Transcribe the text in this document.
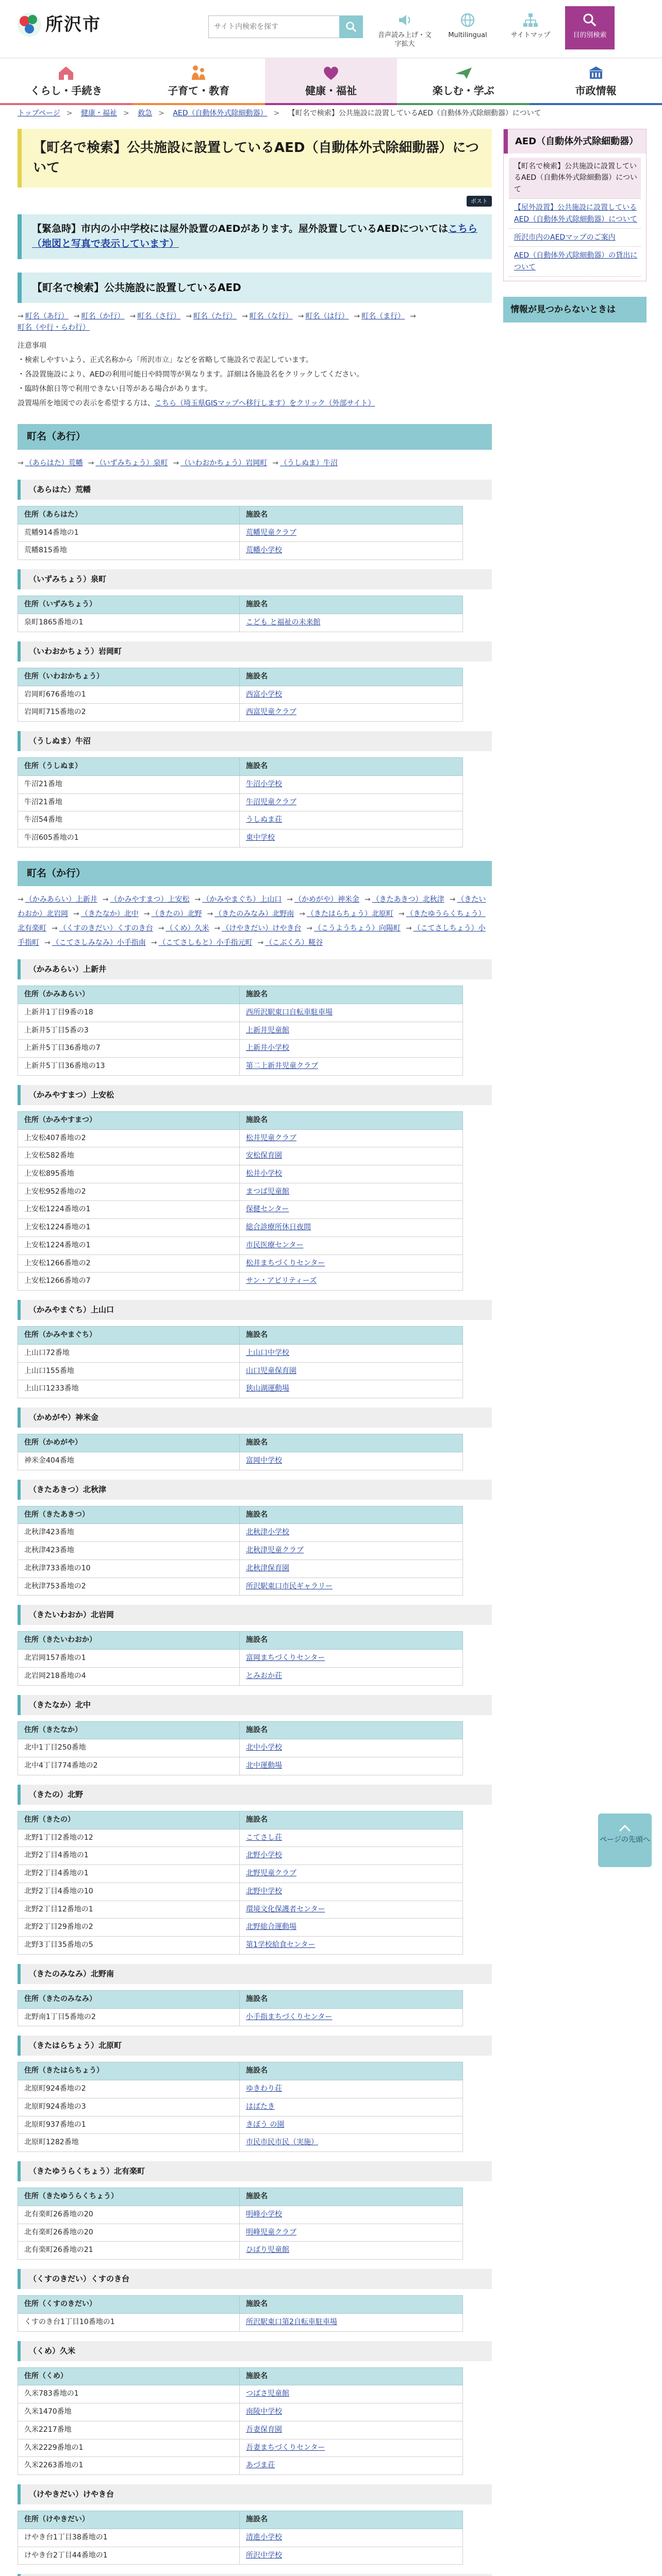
所沢市
サイト内検索を探す
音声読み上げ・文字拡大
Multilingual	サイトマップ	目的別検索
くらし・手続き	子育て・教育	健康・福祉	楽しむ・学ぶ	市政情報
トップページ > 健康・福祉 > 救急 > AED（自動体外式除細動器） > 【町名で検索】公共施設に設置しているAED（自動体外式除細動器）について
【町名で検索】公共施設に設置しているAED（自動体外式除細動器）について
ポスト
【緊急時】市内の小中学校には屋外設置のAEDがあります。屋外設置しているAEDについてはこちら（地図と写真で表示しています）
【町名で検索】公共施設に設置しているAED
→ 町名（あ行） → 町名（か行） → 町名（さ行） → 町名（た行） → 町名（な行） → 町名（は行） → 町名（ま行） →町名（や行・らわ行）
注意事項
・検索しやすいよう、正式名称から「所沢市立」などを省略して施設名で表記しています。
・各設置施設により、AEDの利用可能日や時間等が異なります。詳細は各施設名をクリックしてください。
・臨時休館日等で利用できない日等がある場合があります。
設置場所を地図での表示を希望する方は、こちら（埼玉県GISマップへ移行します）をクリック（外部サイト）
町名（あ行）
→ （あらはた）荒幡 → （いずみちょう）泉町 → （いわおかちょう）岩岡町 → （うしぬま）牛沼
（あらはた）荒幡
住所（あらはた）	施設名
荒幡914番地の1	荒幡児童クラブ
荒幡815番地	荒幡小学校
（いずみちょう）泉町
住所（いずみちょう）	施設名
泉町1865番地の1	こども と福祉の未来館
（いわおかちょう）岩岡町
住所（いわおかちょう）	施設名
岩岡町676番地の1	西富小学校
岩岡町715番地の2	西富児童クラブ
（うしぬま）牛沼
住所（うしぬま）	施設名
牛沼21番地	牛沼小学校
牛沼21番地	牛沼児童クラブ
牛沼54番地	うしぬま荘
牛沼605番地の1	東中学校
町名（か行）
→ （かみあらい）上新井 → （かみやすまつ）上安松 → （かみやまぐち）上山口 → （かめがや）神米金 → （きたあきつ）北秋津 → （きたいわおか）北岩岡 → （きたなか）北中 → （きたの）北野 → （きたのみなみ）北野南 → （きたはらちょう）北原町 → （きたゆうらくちょう）北有楽町 → （くすのきだい）くすのき台 → （くめ）久米 → （けやきだい）けやき台 → （こうようちょう）向陽町 → （こてさしちょう）小手指町 → （こてさしみなみ）小手指南 → （こてさしもと）小手指元町 → （こぶくろ）糀谷
（かみあらい）上新井
住所（かみあらい）	施設名
上新井1丁目9番の18	西所沢駅東口自転車駐車場
上新井5丁目5番の3	上新井児童館
上新井5丁目36番地の7	上新井小学校
上新井5丁目36番地の13	第二上新井児童クラブ
（かみやすまつ）上安松
住所（かみやすまつ）	施設名
上安松407番地の2	松井児童クラブ
上安松582番地	安松保育園
上安松895番地	松井小学校
上安松952番地の2	まつば児童館
上安松1224番地の1	保健センター
上安松1224番地の1	総合診療所休日夜間
上安松1224番地の1	市民医療センター
上安松1266番地の2	松井まちづくりセンター
上安松1266番地の7	サン・アビリティーズ
（かみやまぐち）上山口
住所（かみやまぐち）	施設名
上山口72番地	上山口中学校
上山口155番地	山口児童保育園
上山口1233番地	狭山湖運動場
（かめがや）神米金
住所（かめがや）	施設名
神米金404番地	富岡中学校
（きたあきつ）北秋津
住所（きたあきつ）	施設名
北秋津423番地	北秋津小学校
北秋津423番地	北秋津児童クラブ
北秋津733番地の10	北秋津保育園
北秋津753番地の2	所沢駅東口市民ギャラリー
（きたいわおか）北岩岡
住所（きたいわおか）	施設名
北岩岡157番地の1	富岡まちづくりセンター
北岩岡218番地の4	とみおか荘
（きたなか）北中
住所（きたなか）	施設名
北中1丁目250番地	北中小学校
北中4丁目774番地の2	北中運動場
（きたの）北野
住所（きたの）	施設名
北野1丁目2番地の12	こてさし荘
北野2丁目4番地の1	北野小学校
北野2丁目4番地の1	北野児童クラブ
北野2丁目4番地の10	北野中学校
北野2丁目12番地の1	環境文化保護者センター
北野2丁目29番地の2	北野総合運動場
北野3丁目35番地の5	第1学校給食センター
（きたのみなみ）北野南
住所（きたのみなみ）	施設名
北野南1丁目5番地の2	小手指まちづくりセンター
（きたはらちょう）北原町
住所（きたはらちょう）	施設名
北原町924番地の2	ゆきわり荘
北原町924番地の3	はばたき
北原町937番地の1	きぼう の園
北原町1282番地	市民市民市民（実施）
（きたゆうらくちょう）北有楽町
住所（きたゆうらくちょう）	施設名
北有楽町26番地の20	明峰小学校
北有楽町26番地の20	明峰児童クラブ
北有楽町26番地の21	ひばり児童館
（くすのきだい）くすのき台
住所（くすのきだい）	施設名
くすのき台1丁目10番地の1	所沢駅東口第2自転車駐車場
（くめ）久米
住所（くめ）	施設名
久米783番地の1	つばさ児童館
久米1470番地	南陵中学校
久米2217番地	吾妻保育園
久米2229番地の1	吾妻まちづくりセンター
久米2263番地の1	あづま荘
（けやきだい）けやき台
住所（けやきだい）	施設名
けやき台1丁目38番地の1	清進小学校
けやき台2丁目44番地の1	所沢中学校

AED（自動体外式除細動器）
【町名で検索】公共施設に設置しているAED（自動体外式除細動器）について
【屋外設置】公共施設に設置しているAED（自動体外式除細動器）について
所沢市内のAEDマップのご案内
AED（自動体外式除細動器）の貸出について
情報が見つからないときは
ページの先頭へ
